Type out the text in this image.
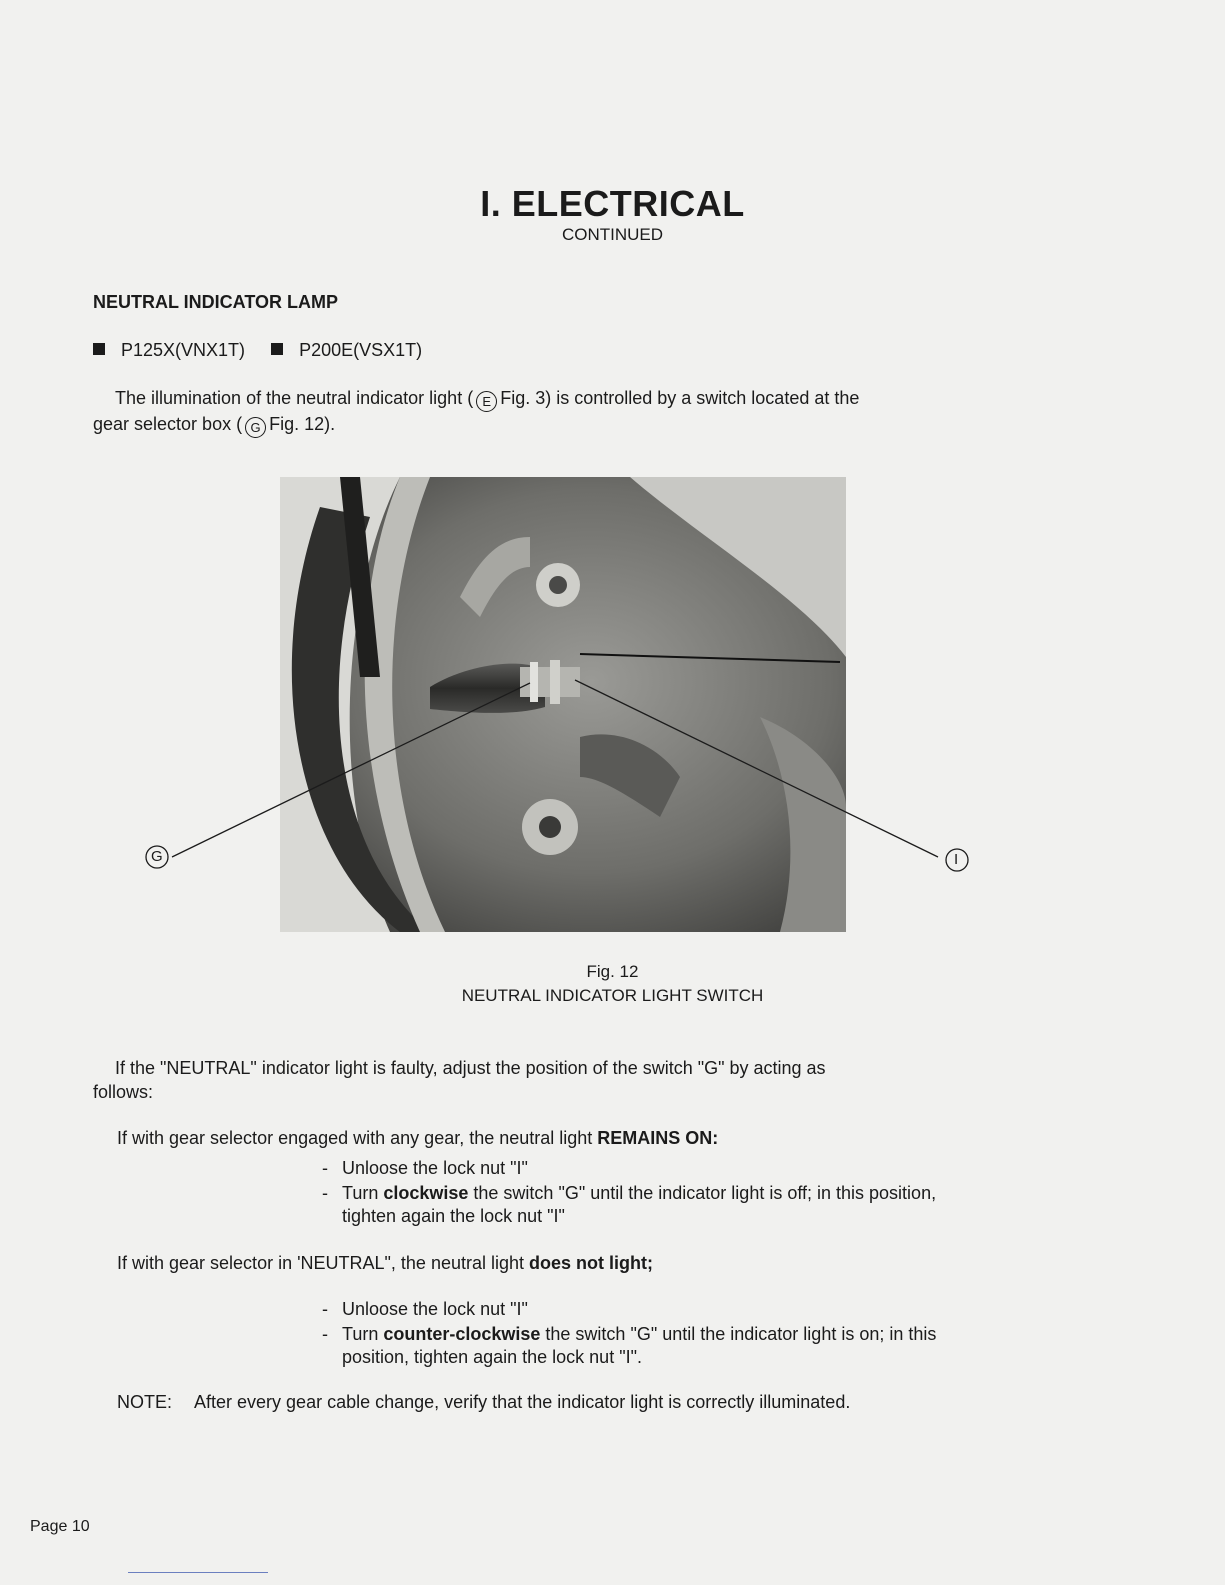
I. ELECTRICAL
CONTINUED
NEUTRAL INDICATOR LAMP
P125X(VNX1T)	P200E(VSX1T)
The illumination of the neutral indicator light ( E Fig. 3) is controlled by a switch located at the
gear selector box ( G Fig. 12).
G	I
Fig. 12
NEUTRAL INDICATOR LIGHT SWITCH
If the "NEUTRAL" indicator light is faulty, adjust the position of the switch "G" by acting as
follows:
If with gear selector engaged with any gear, the neutral light REMAINS ON:
- Unloose the lock nut "I"
- Turn clockwise the switch "G" until the indicator light is off; in this position,
tighten again the lock nut "I"
If with gear selector in 'NEUTRAL", the neutral light does not light;
- Unloose the lock nut "I"
- Turn counter-clockwise the switch "G" until the indicator light is on; in this
position, tighten again the lock nut "I".
NOTE: After every gear cable change, verify that the indicator light is correctly illuminated.
Page 10
